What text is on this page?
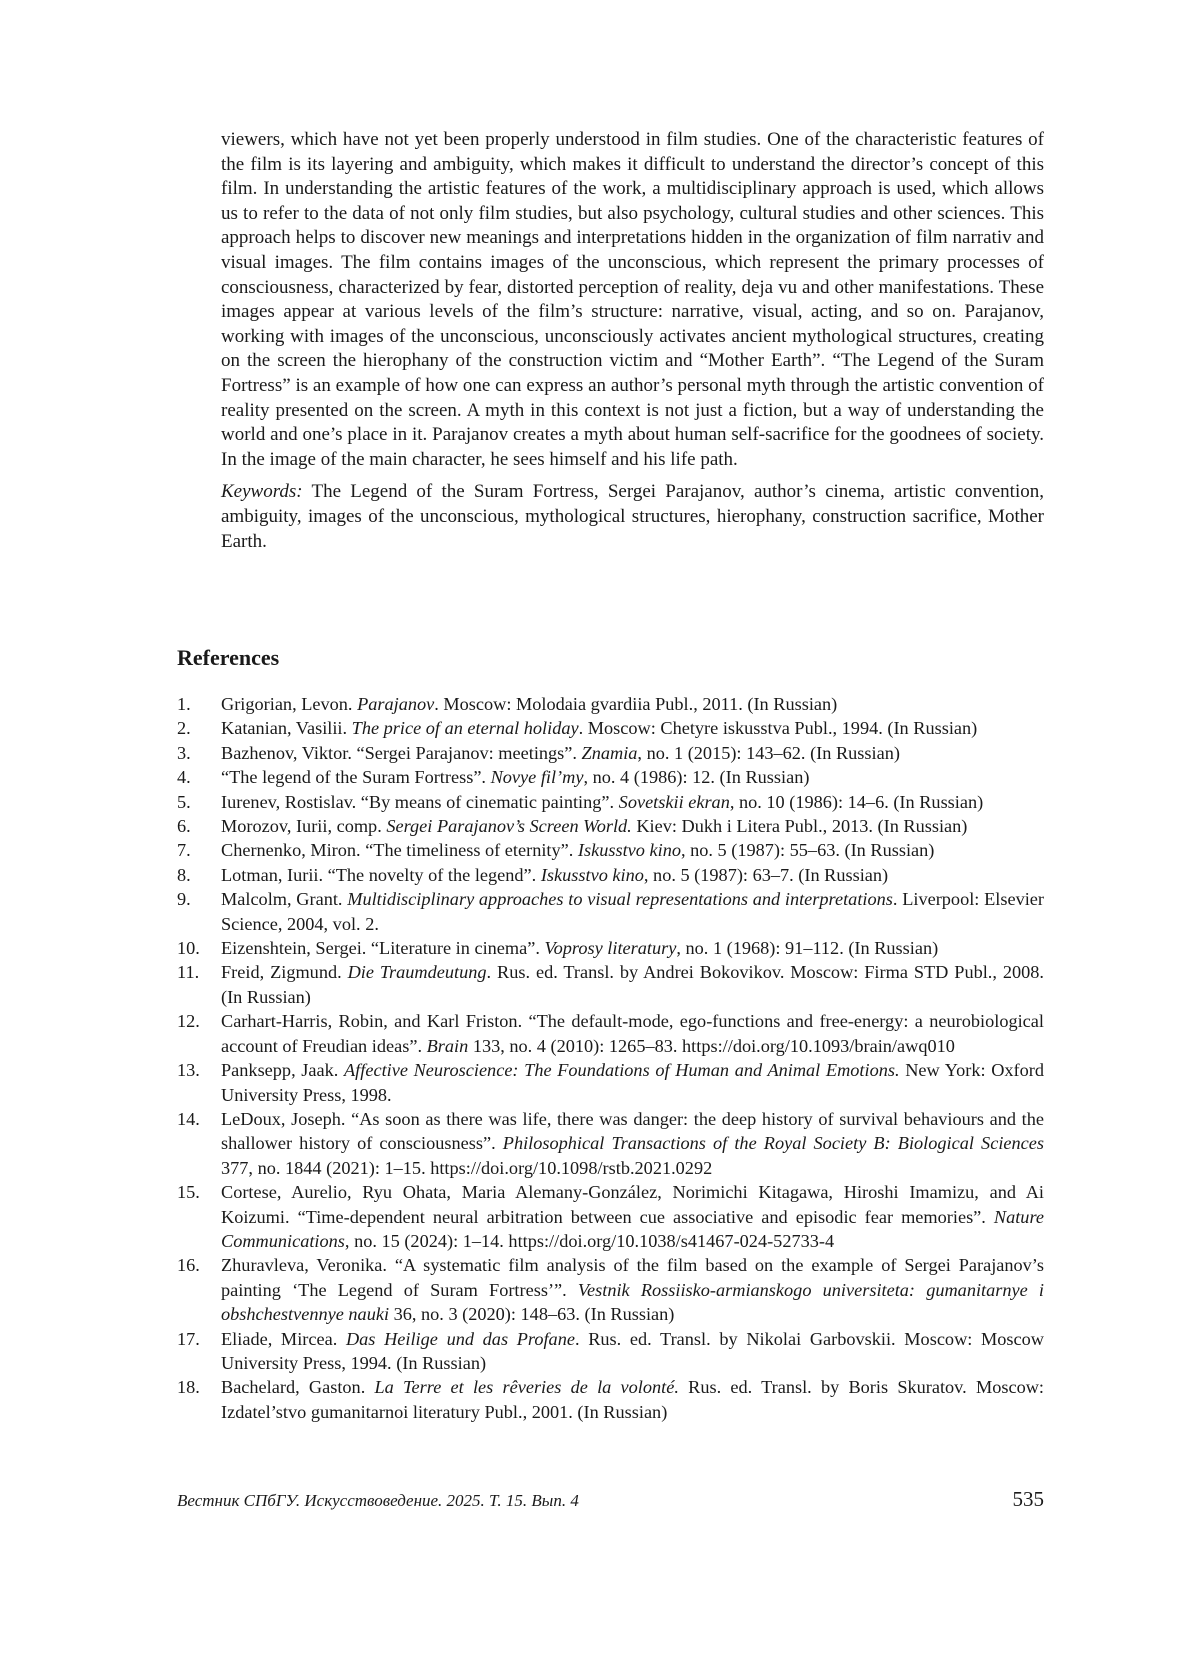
viewers, which have not yet been properly understood in film studies. One of the characteristic features of the film is its layering and ambiguity, which makes it difficult to understand the director’s concept of this film. In understanding the artistic features of the work, a multidisciplinary approach is used, which allows us to refer to the data of not only film studies, but also psychology, cultural studies and other sciences. This approach helps to discover new meanings and interpretations hidden in the organization of film narrativ and visual images. The film contains images of the unconscious, which represent the primary processes of consciousness, characterized by fear, distorted perception of reality, deja vu and other manifestations. These images appear at various levels of the film’s structure: narrative, visual, acting, and so on. Parajanov, working with images of the unconscious, unconsciously activates ancient mythological structures, creating on the screen the hierophany of the construction victim and “Mother Earth”. “The Legend of the Suram Fortress” is an example of how one can express an author’s personal myth through the artistic convention of reality presented on the screen. A myth in this context is not just a fiction, but a way of understanding the world and one’s place in it. Parajanov creates a myth about human self-sacrifice for the goodnees of society. In the image of the main character, he sees himself and his life path.

Keywords: The Legend of the Suram Fortress, Sergei Parajanov, author’s cinema, artistic convention, ambiguity, images of the unconscious, mythological structures, hierophany, construction sacrifice, Mother Earth.

References
1.	Grigorian, Levon. Parajanov. Moscow: Molodaia gvardiia Publ., 2011. (In Russian)
2.	Katanian, Vasilii. The price of an eternal holiday. Moscow: Chetyre iskusstva Publ., 1994. (In Russian)
3.	Bazhenov, Viktor. “Sergei Parajanov: meetings”. Znamia, no. 1 (2015): 143–62. (In Russian)
4.	“The legend of the Suram Fortress”. Novye fil’my, no. 4 (1986): 12. (In Russian)
5.	Iurenev, Rostislav. “By means of cinematic painting”. Sovetskii ekran, no. 10 (1986): 14–6. (In Russian)
6.	Morozov, Iurii, comp. Sergei Parajanov’s Screen World. Kiev: Dukh i Litera Publ., 2013. (In Russian)
7.	Chernenko, Miron. “The timeliness of eternity”. Iskusstvo kino, no. 5 (1987): 55–63. (In Russian)
8.	Lotman, Iurii. “The novelty of the legend”. Iskusstvo kino, no. 5 (1987): 63–7. (In Russian)
9.	Malcolm, Grant. Multidisciplinary approaches to visual representations and interpretations. Liverpool: Elsevier Science, 2004, vol. 2.
10.	Eizenshtein, Sergei. “Literature in cinema”. Voprosy literatury, no. 1 (1968): 91–112. (In Russian)
11.	Freid, Zigmund. Die Traumdeutung. Rus. ed. Transl. by Andrei Bokovikov. Moscow: Firma STD Publ., 2008. (In Russian)
12.	Carhart-Harris, Robin, and Karl Friston. “The default-mode, ego-functions and free-energy: a neurobiological account of Freudian ideas”. Brain 133, no. 4 (2010): 1265–83. https://doi.org/10.1093/brain/awq010
13.	Panksepp, Jaak. Affective Neuroscience: The Foundations of Human and Animal Emotions. New York: Oxford University Press, 1998.
14.	LeDoux, Joseph. “As soon as there was life, there was danger: the deep history of survival behaviours and the shallower history of consciousness”. Philosophical Transactions of the Royal Society B: Biological Sciences 377, no. 1844 (2021): 1–15. https://doi.org/10.1098/rstb.2021.0292
15.	Cortese, Aurelio, Ryu Ohata, Maria Alemany-González, Norimichi Kitagawa, Hiroshi Imamizu, and Ai Koizumi. “Time-dependent neural arbitration between cue associative and episodic fear memories”. Nature Communications, no. 15 (2024): 1–14. https://doi.org/10.1038/s41467-024-52733-4
16.	Zhuravleva, Veronika. “A systematic film analysis of the film based on the example of Sergei Parajanov’s painting ‘The Legend of Suram Fortress’”. Vestnik Rossiisko-armianskogo universiteta: gumanitarnye i obshchestvennye nauki 36, no. 3 (2020): 148–63. (In Russian)
17.	Eliade, Mircea. Das Heilige und das Profane. Rus. ed. Transl. by Nikolai Garbovskii. Moscow: Moscow University Press, 1994. (In Russian)
18.	Bachelard, Gaston. La Terre et les rêveries de la volonté. Rus. ed. Transl. by Boris Skuratov. Moscow: Izdatel’stvo gumanitarnoi literatury Publ., 2001. (In Russian)
Вестник СПбГУ. Искусствоведение. 2025. Т. 15. Вып. 4	535
